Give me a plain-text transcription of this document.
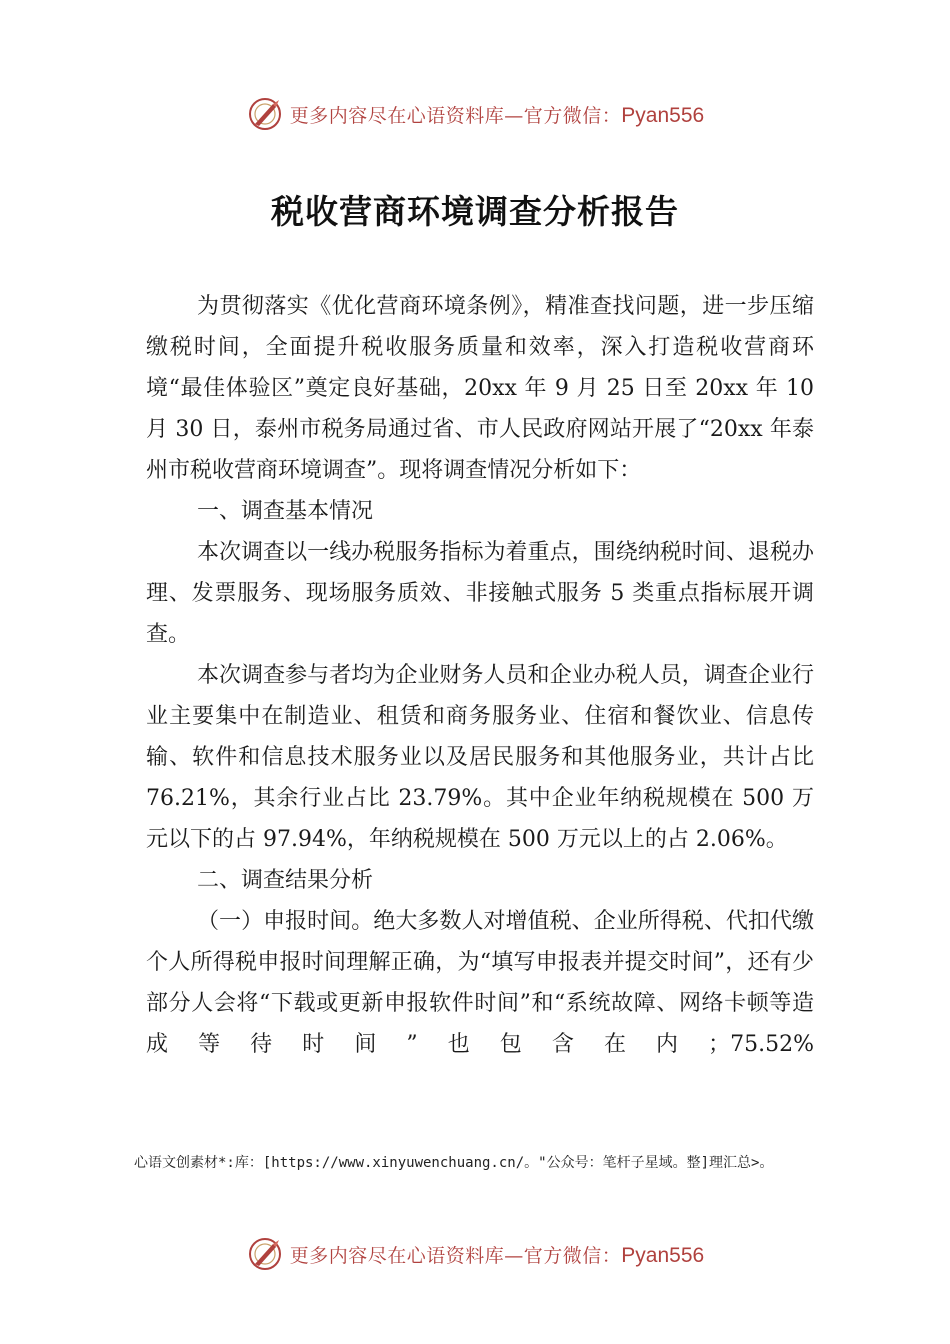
更多内容尽在心语资料库—官方微信：Pyan556
税收营商环境调查分析报告

为贯彻落实《优化营商环境条例》，精准查找问题，进一步压缩缴税时间，全面提升税收服务质量和效率，深入打造税收营商环境“最佳体验区”奠定良好基础，20xx 年 9 月 25 日至 20xx 年 10 月 30 日，泰州市税务局通过省、市人民政府网站开展了“20xx 年泰州市税收营商环境调查”。现将调查情况分析如下：

一、调查基本情况

本次调查以一线办税服务指标为着重点，围绕纳税时间、退税办理、发票服务、现场服务质效、非接触式服务 5 类重点指标展开调查。

本次调查参与者均为企业财务人员和企业办税人员，调查企业行业主要集中在制造业、租赁和商务服务业、住宿和餐饮业、信息传输、软件和信息技术服务业以及居民服务和其他服务业，共计占比 76.21%，其余行业占比 23.79%。其中企业年纳税规模在 500 万元以下的占 97.94%，年纳税规模在 500 万元以上的占 2.06%。

二、调查结果分析

（一）申报时间。绝大多数人对增值税、企业所得税、代扣代缴个人所得税申报时间理解正确，为“填写申报表并提交时间”，还有少部分人会将“下载或更新申报软件时间”和“系统故障、网络卡顿等造成等待时间”也包含在内；75.52%

心语文创素材*:库：[https://www.xinyuwenchuang.cn/。"公众号：笔杆子星域。整]理汇总>。

更多内容尽在心语资料库—官方微信：Pyan556
